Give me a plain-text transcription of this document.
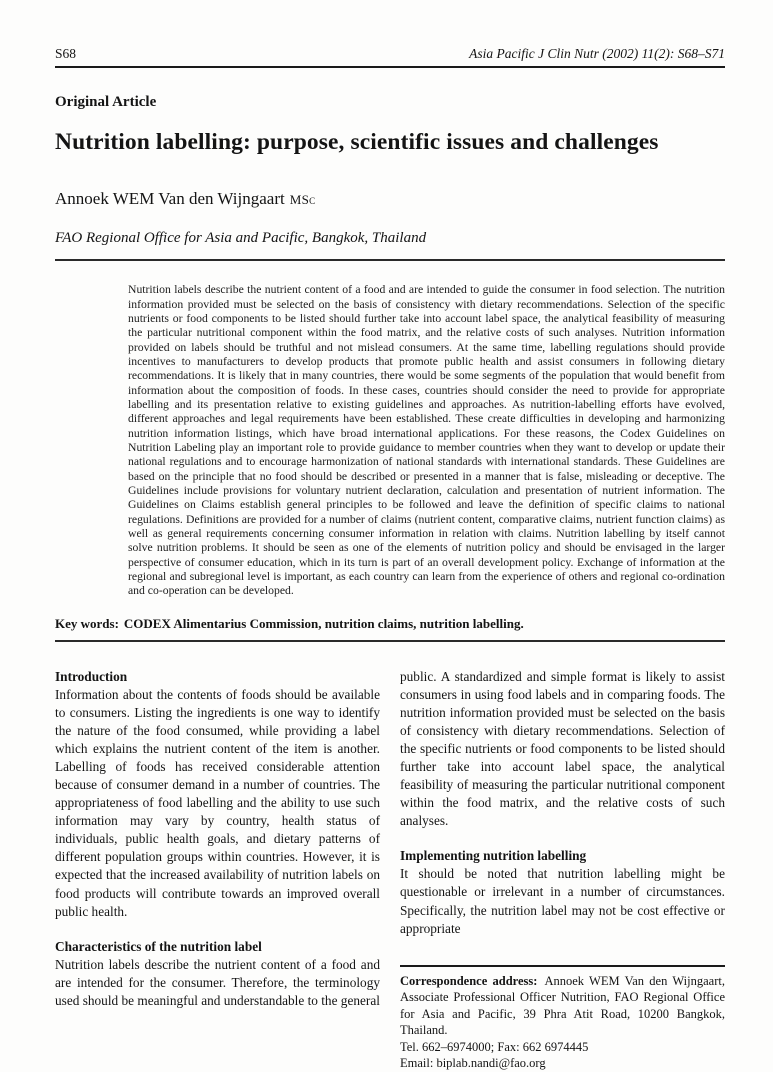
S68	Asia Pacific J Clin Nutr (2002) 11(2): S68–S71
Original Article
Nutrition labelling: purpose, scientific issues and challenges
Annoek WEM Van den Wijngaart MSc
FAO Regional Office for Asia and Pacific, Bangkok, Thailand

Nutrition labels describe the nutrient content of a food and are intended to guide the consumer in food selection. The nutrition information provided must be selected on the basis of consistency with dietary recommendations. Selection of the specific nutrients or food components to be listed should further take into account label space, the analytical feasibility of measuring the particular nutritional component within the food matrix, and the relative costs of such analyses. Nutrition information provided on labels should be truthful and not mislead consumers. At the same time, labelling regulations should provide incentives to manufacturers to develop products that promote public health and assist consumers in following dietary recommendations. It is likely that in many countries, there would be some segments of the population that would benefit from information about the composition of foods. In these cases, countries should consider the need to provide for appropriate labelling and its presentation relative to existing guidelines and approaches. As nutrition-labelling efforts have evolved, different approaches and legal requirements have been established. These create difficulties in developing and harmonizing nutrition information listings, which have broad international applications. For these reasons, the Codex Guidelines on Nutrition Labeling play an important role to provide guidance to member countries when they want to develop or update their national regulations and to encourage harmonization of national standards with international standards. These Guidelines are based on the principle that no food should be described or presented in a manner that is false, misleading or deceptive. The Guidelines include provisions for voluntary nutrient declaration, calculation and presentation of nutrient information. The Guidelines on Claims establish general principles to be followed and leave the definition of specific claims to national regulations. Definitions are provided for a number of claims (nutrient content, comparative claims, nutrient function claims) as well as general requirements concerning consumer information in relation with claims. Nutrition labelling by itself cannot solve nutrition problems. It should be seen as one of the elements of nutrition policy and should be envisaged in the larger perspective of consumer education, which in its turn is part of an overall development policy. Exchange of information at the regional and subregional level is important, as each country can learn from the experience of others and regional co-ordination and co-operation can be developed.

Key words: CODEX Alimentarius Commission, nutrition claims, nutrition labelling.

Introduction

Information about the contents of foods should be available to consumers. Listing the ingredients is one way to identify the nature of the food consumed, while providing a label which explains the nutrient content of the item is another. Labelling of foods has received considerable attention because of consumer demand in a number of countries. The appropriateness of food labelling and the ability to use such information may vary by country, health status of individuals, public health goals, and dietary patterns of different population groups within countries. However, it is expected that the increased availability of nutrition labels on food products will contribute towards an improved overall public health.

Characteristics of the nutrition label

Nutrition labels describe the nutrient content of a food and are intended for the consumer. Therefore, the terminology used should be meaningful and understandable to the general

public. A standardized and simple format is likely to assist consumers in using food labels and in comparing foods. The nutrition information provided must be selected on the basis of consistency with dietary recommendations. Selection of the specific nutrients or food components to be listed should further take into account label space, the analytical feasibility of measuring the particular nutritional component within the food matrix, and the relative costs of such analyses.

Implementing nutrition labelling

It should be noted that nutrition labelling might be questionable or irrelevant in a number of circumstances. Specifically, the nutrition label may not be cost effective or appropriate

Correspondence address: Annoek WEM Van den Wijngaart, Associate Professional Officer Nutrition, FAO Regional Office for Asia and Pacific, 39 Phra Atit Road, 10200 Bangkok, Thailand.

Tel. 662–6974000; Fax: 662 6974445
Email: biplab.nandi@fao.org
